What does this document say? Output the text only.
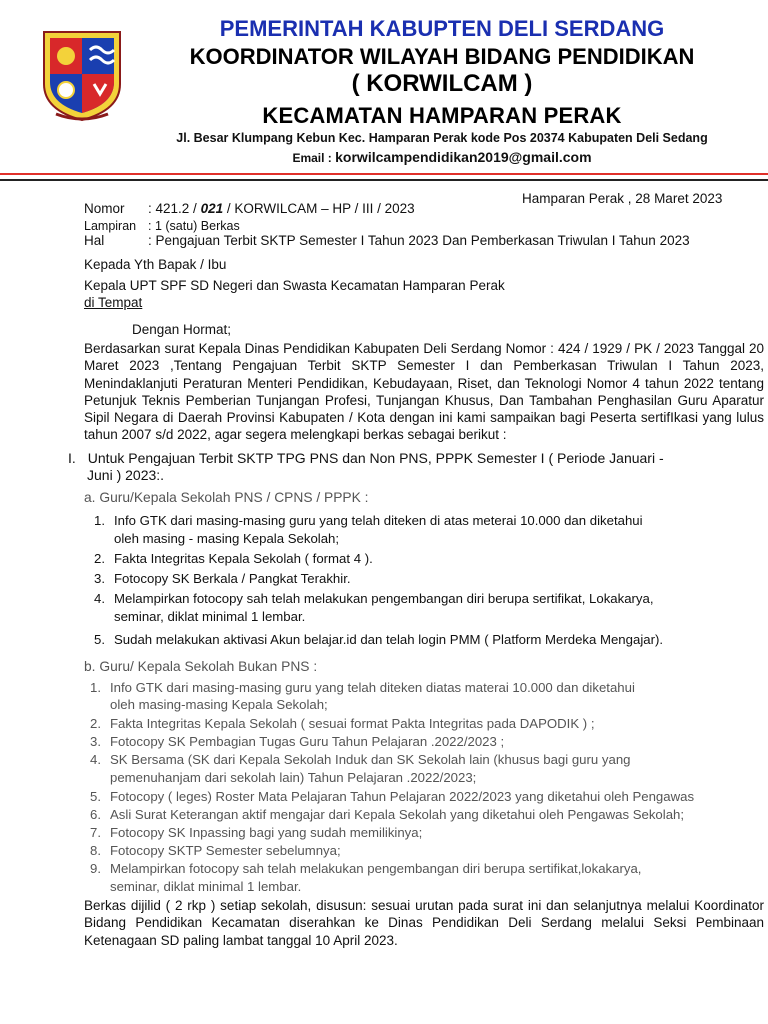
PEMERINTAH KABUPTEN DELI SERDANG
KOORDINATOR WILAYAH BIDANG PENDIDIKAN
( KORWILCAM )
KECAMATAN HAMPARAN PERAK
Jl. Besar Klumpang Kebun Kec. Hamparan Perak kode Pos 20374 Kabupaten Deli Sedang
Email : korwilcampendidikan2019@gmail.com
Hamparan Perak , 28 Maret 2023
Nomor : 421.2 / 021 / KORWILCAM – HP / III / 2023
Lampiran : 1 (satu) Berkas
Hal	: Pengajuan Terbit SKTP Semester I Tahun 2023 Dan Pemberkasan Triwulan I Tahun 2023
Kepada Yth Bapak / Ibu
Kepala UPT SPF SD Negeri dan Swasta Kecamatan Hamparan Perak
di Tempat
Dengan Hormat;
Berdasarkan surat Kepala Dinas Pendidikan Kabupaten Deli Serdang Nomor : 424 / 1929 / PK / 2023 Tanggal 20 Maret 2023 ,Tentang Pengajuan Terbit SKTP Semester I dan Pemberkasan Triwulan I Tahun 2023, Menindaklanjuti Peraturan Menteri Pendidikan, Kebudayaan, Riset, dan Teknologi Nomor 4 tahun 2022 tentang Petunjuk Teknis Pemberian Tunjangan Profesi, Tunjangan Khusus, Dan Tambahan Penghasilan Guru Aparatur Sipil Negara di Daerah Provinsi Kabupaten / Kota dengan ini kami sampaikan bagi Peserta sertifIkasi yang lulus tahun 2007 s/d 2022, agar segera melengkapi berkas sebagai berikut :
I. Untuk Pengajuan Terbit SKTP TPG PNS dan Non PNS, PPPK Semester I ( Periode Januari -
Juni ) 2023:.
a. Guru/Kepala Sekolah PNS / CPNS / PPPK :
1. Info GTK dari masing-masing guru yang telah diteken di atas meterai 10.000 dan diketahui
oleh masing - masing Kepala Sekolah;
2. Fakta Integritas Kepala Sekolah ( format 4 ).
3. Fotocopy SK Berkala / Pangkat Terakhir.
4. Melampirkan fotocopy sah telah melakukan pengembangan diri berupa sertifikat, Lokakarya,
seminar, diklat minimal 1 lembar.
5. Sudah melakukan aktivasi Akun belajar.id dan telah login PMM ( Platform Merdeka Mengajar).
b. Guru/ Kepala Sekolah Bukan PNS :
1. Info GTK dari masing-masing guru yang telah diteken diatas materai 10.000 dan diketahui
oleh masing-masing Kepala Sekolah;
2. Fakta Integritas Kepala Sekolah ( sesuai format Pakta Integritas pada DAPODIK ) ;
3. Fotocopy SK Pembagian Tugas Guru Tahun Pelajaran .2022/2023 ;
4. SK Bersama (SK dari Kepala Sekolah Induk dan SK Sekolah lain (khusus bagi guru yang
pemenuhanjam dari sekolah lain) Tahun Pelajaran .2022/2023;
5. Fotocopy ( leges) Roster Mata Pelajaran Tahun Pelajaran 2022/2023 yang diketahui oleh Pengawas
6. Asli Surat Keterangan aktif mengajar dari Kepala Sekolah yang diketahui oleh Pengawas Sekolah;
7. Fotocopy SK Inpassing bagi yang sudah memilikinya;
8. Fotocopy SKTP Semester sebelumnya;
9. Melampirkan fotocopy sah telah melakukan pengembangan diri berupa sertifikat,lokakarya,
seminar, diklat minimal 1 lembar.
Berkas dijilid ( 2 rkp ) setiap sekolah, disusun: sesuai urutan pada surat ini dan selanjutnya melalui Koordinator Bidang Pendidikan Kecamatan diserahkan ke Dinas Pendidikan Deli Serdang melalui Seksi Pembinaan Ketenagaan SD paling lambat tanggal 10 April 2023.
